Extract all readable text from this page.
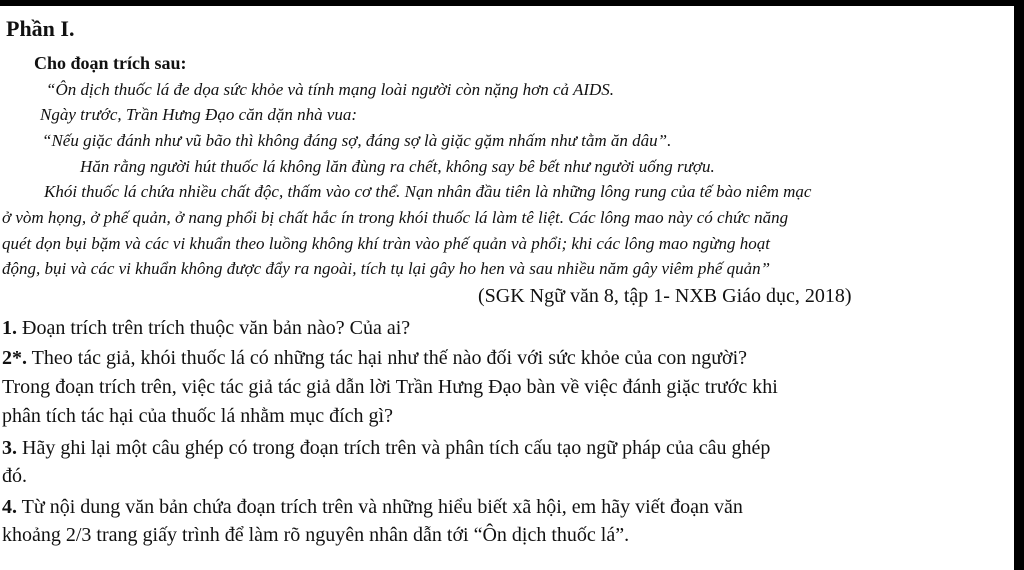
Phần I.
Cho đoạn trích sau:
“Ôn dịch thuốc lá đe dọa sức khỏe và tính mạng loài người còn nặng hơn cả AIDS.
Ngày trước, Trần Hưng Đạo căn dặn nhà vua:
“Nếu giặc đánh như vũ bão thì không đáng sợ, đáng sợ là giặc gặm nhấm như tằm ăn dâu”.
Hăn rằng người hút thuốc lá không lăn đùng ra chết, không say bê bết như người uống rượu.
Khói thuốc lá chứa nhiều chất độc, thấm vào cơ thể. Nạn nhân đầu tiên là những lông rung của tế bào niêm mạc
ở vòm họng, ở phế quản, ở nang phổi bị chất hắc ín trong khói thuốc lá làm tê liệt. Các lông mao này có chức năng
quét dọn bụi bặm và các vi khuẩn theo luồng không khí tràn vào phế quản và phổi; khi các lông mao ngừng hoạt
động, bụi và các vi khuẩn không được đẩy ra ngoài, tích tụ lại gây ho hen và sau nhiều năm gây viêm phế quản”
(SGK Ngữ văn 8, tập 1- NXB Giáo dục, 2018)
1. Đoạn trích trên trích thuộc văn bản nào? Của ai?
2*. Theo tác giả, khói thuốc lá có những tác hại như thế nào đối với sức khỏe của con người?
Trong đoạn trích trên, việc tác giả tác giả dẫn lời Trần Hưng Đạo bàn về việc đánh giặc trước khi
phân tích tác hại của thuốc lá nhằm mục đích gì?
3. Hãy ghi lại một câu ghép có trong đoạn trích trên và phân tích cấu tạo ngữ pháp của câu ghép
đó.
4. Từ nội dung văn bản chứa đoạn trích trên và những hiểu biết xã hội, em hãy viết đoạn văn
khoảng 2/3 trang giấy trình để làm rõ nguyên nhân dẫn tới “Ôn dịch thuốc lá”.
